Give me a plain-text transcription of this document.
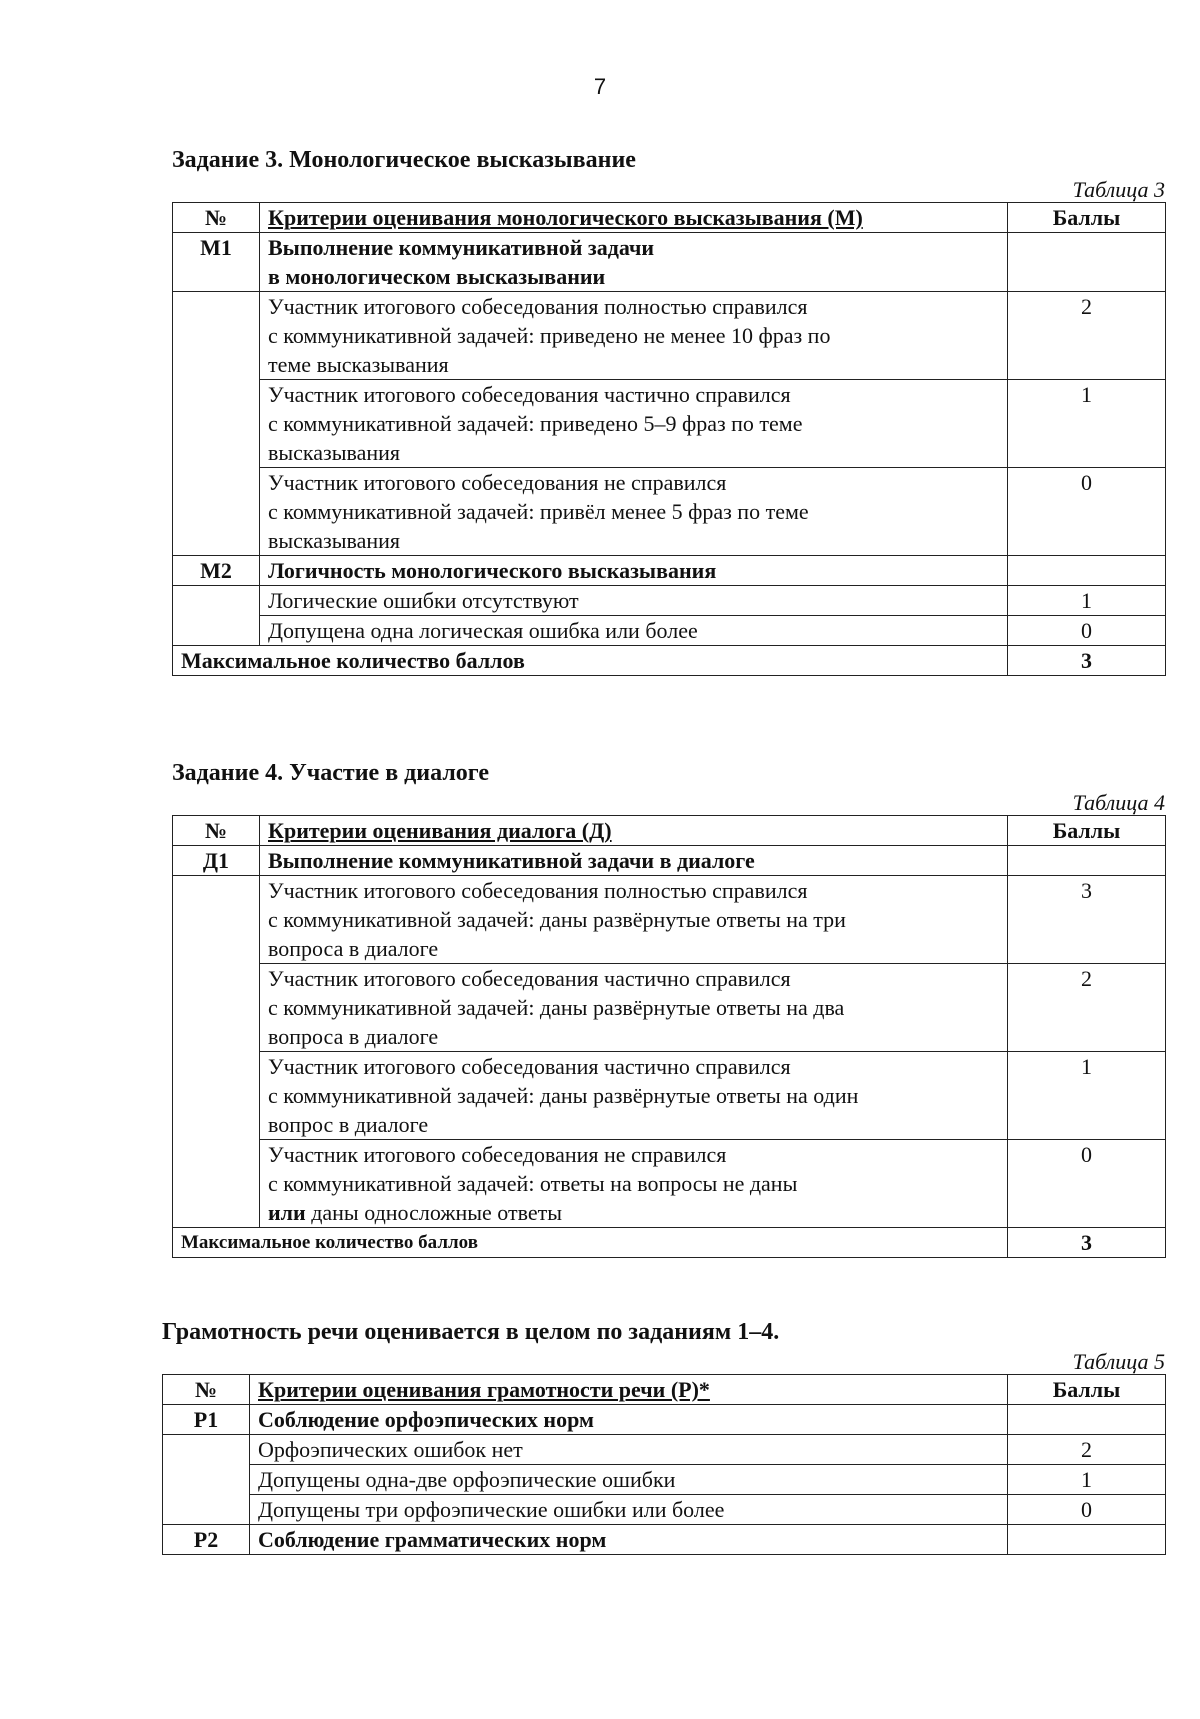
7
Задание 3. Монологическое высказывание
Таблица 3
№	Критерии оценивания монологического высказывания (М)	Баллы
М1	Выполнение коммуникативной задачи
в монологическом высказывании	

	Участник итогового собеседования полностью справился
с коммуникативной задачей: приведено не менее 10 фраз по
теме высказывания	2

	Участник итогового собеседования частично справился
с коммуникативной задачей: приведено 5–9 фраз по теме
высказывания	1

	Участник итогового собеседования не справился
с коммуникативной задачей: привёл менее 5 фраз по теме
высказывания	0
М2	Логичность монологического высказывания	
	Логические ошибки отсутствуют	1
	Допущена одна логическая ошибка или более	0
Максимальное количество баллов		3
Задание 4. Участие в диалоге
Таблица 4
№	Критерии оценивания диалога (Д)	Баллы
Д1	Выполнение коммуникативной задачи в диалоге	

	Участник итогового собеседования полностью справился
с коммуникативной задачей: даны развёрнутые ответы на три
вопроса в диалоге	3

	Участник итогового собеседования частично справился
с коммуникативной задачей: даны развёрнутые ответы на два
вопроса в диалоге	2

	Участник итогового собеседования частично справился
с коммуникативной задачей: даны развёрнутые ответы на один
вопрос в диалоге	1

	Участник итогового собеседования не справился
с коммуникативной задачей: ответы на вопросы не даны
или даны односложные ответы	0
Максимальное количество баллов		3
Грамотность речи оценивается в целом по заданиям 1–4.
Таблица 5
№	Критерии оценивания грамотности речи (Р)*	Баллы
Р1	Соблюдение орфоэпических норм	
	Орфоэпических ошибок нет	2
	Допущены одна-две орфоэпические ошибки	1
	Допущены три орфоэпические ошибки или более	0
Р2	Соблюдение грамматических норм	
